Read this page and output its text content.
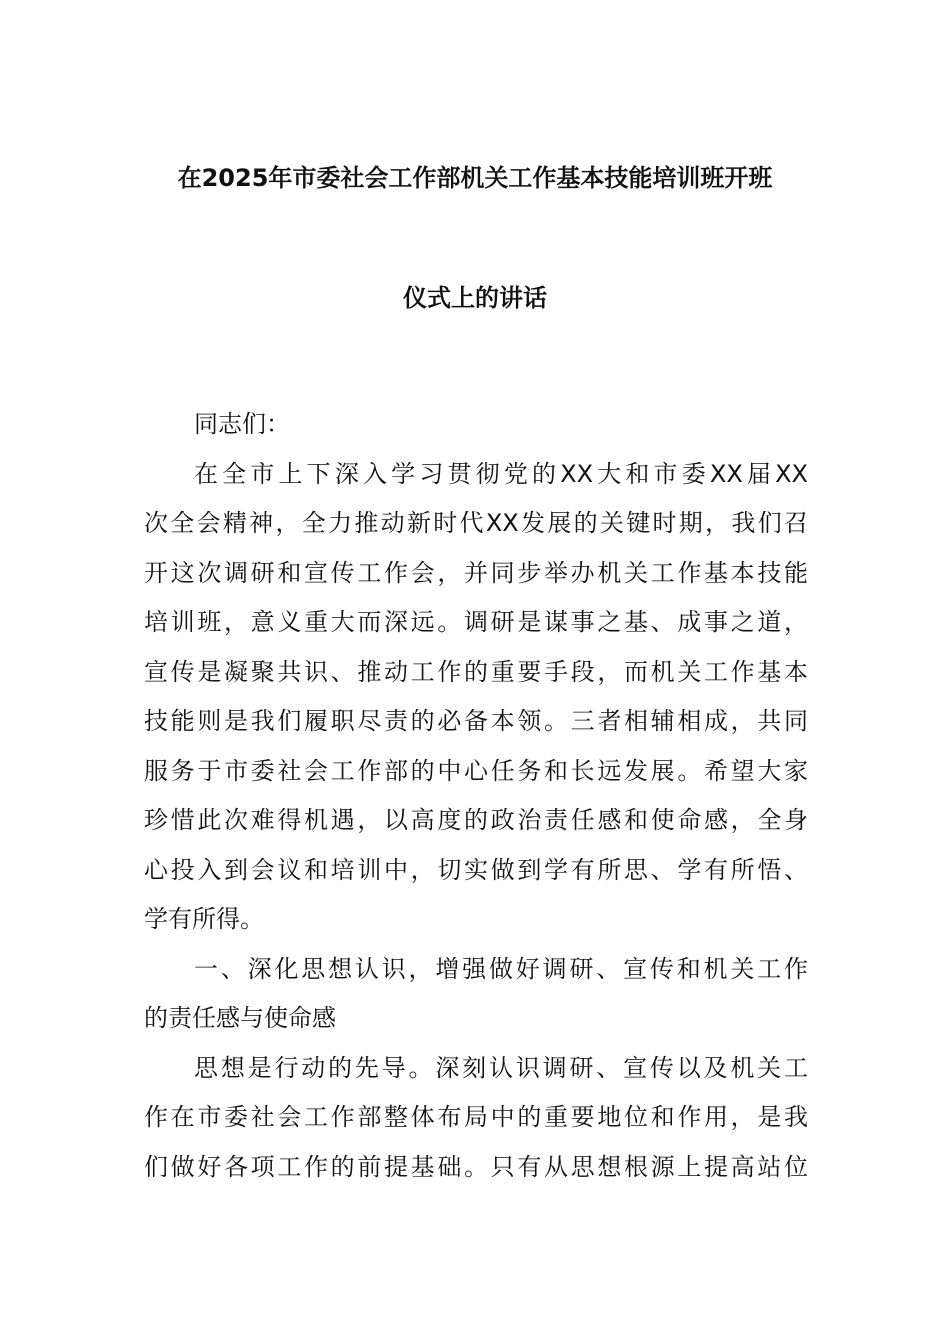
在2025年市委社会工作部机关工作基本技能培训班开班
仪式上的讲话
同志们：
在全市上下深入学习贯彻党的XX大和市委XX届XX
次全会精神，全力推动新时代XX发展的关键时期，我们召
开这次调研和宣传工作会，并同步举办机关工作基本技能
培训班，意义重大而深远。调研是谋事之基、成事之道，
宣传是凝聚共识、推动工作的重要手段，而机关工作基本
技能则是我们履职尽责的必备本领。三者相辅相成，共同
服务于市委社会工作部的中心任务和长远发展。希望大家
珍惜此次难得机遇，以高度的政治责任感和使命感，全身
心投入到会议和培训中，切实做到学有所思、学有所悟、
学有所得。
一、深化思想认识，增强做好调研、宣传和机关工作
的责任感与使命感
思想是行动的先导。深刻认识调研、宣传以及机关工
作在市委社会工作部整体布局中的重要地位和作用，是我
们做好各项工作的前提基础。只有从思想根源上提高站位
